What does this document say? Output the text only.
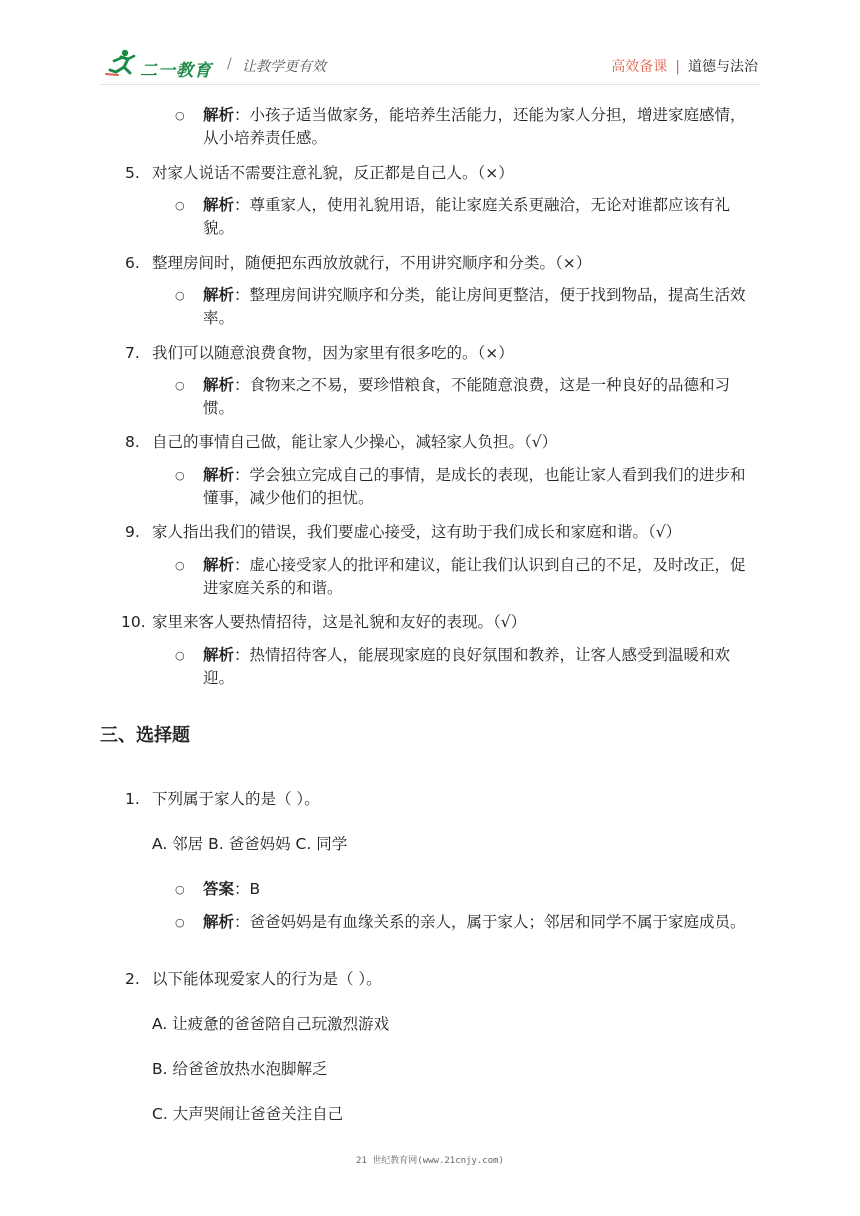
二一教育 / 让教学更有效	高效备课 | 道德与法治
○ 解析：小孩子适当做家务，能培养生活能力，还能为家人分担，增进家庭感情，从小培养责任感。
5. 对家人说话不需要注意礼貌，反正都是自己人。（×）
○ 解析：尊重家人，使用礼貌用语，能让家庭关系更融洽，无论对谁都应该有礼貌。
6. 整理房间时，随便把东西放放就行，不用讲究顺序和分类。（×）
○ 解析：整理房间讲究顺序和分类，能让房间更整洁，便于找到物品，提高生活效率。
7. 我们可以随意浪费食物，因为家里有很多吃的。（×）
○ 解析：食物来之不易，要珍惜粮食，不能随意浪费，这是一种良好的品德和习惯。
8. 自己的事情自己做，能让家人少操心，减轻家人负担。（√）
○ 解析：学会独立完成自己的事情，是成长的表现，也能让家人看到我们的进步和懂事，减少他们的担忧。
9. 家人指出我们的错误，我们要虚心接受，这有助于我们成长和家庭和谐。（√）
○ 解析：虚心接受家人的批评和建议，能让我们认识到自己的不足，及时改正，促进家庭关系的和谐。
10. 家里来客人要热情招待，这是礼貌和友好的表现。（√）
○ 解析：热情招待客人，能展现家庭的良好氛围和教养，让客人感受到温暖和欢迎。
三、选择题
1. 下列属于家人的是（ ）。
A. 邻居 B. 爸爸妈妈 C. 同学
○ 答案：B
○ 解析：爸爸妈妈是有血缘关系的亲人，属于家人；邻居和同学不属于家庭成员。
2. 以下能体现爱家人的行为是（ ）。
A. 让疲惫的爸爸陪自己玩激烈游戏
B. 给爸爸放热水泡脚解乏
C. 大声哭闹让爸爸关注自己
21 世纪教育网(www.21cnjy.com)
